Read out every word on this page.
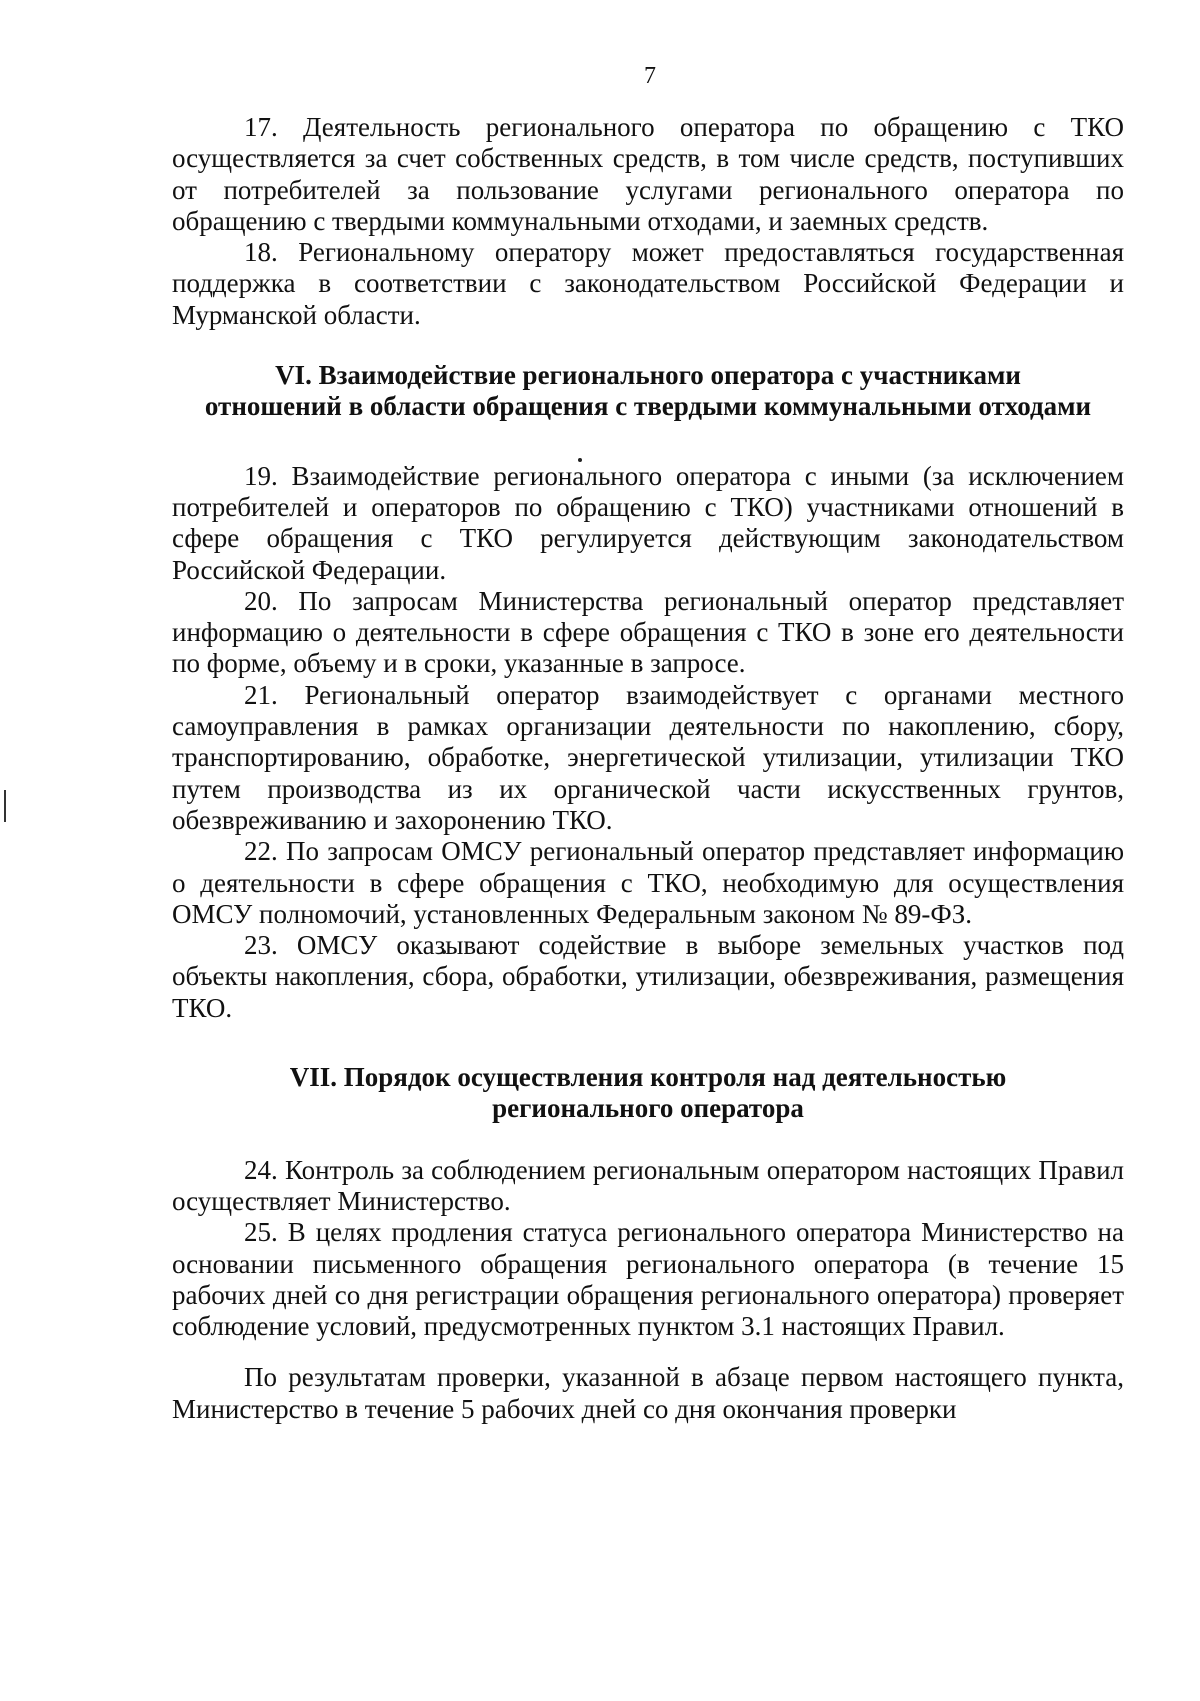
7

17. Деятельность регионального оператора по обращению с ТКО осуществляется за счет собственных средств, в том числе средств, поступивших от потребителей за пользование услугами регионального оператора по обращению с твердыми коммунальными отходами, и заемных средств.

18. Региональному оператору может предоставляться государственная поддержка в соответствии с законодательством Российской Федерации и Мурманской области.

VI. Взаимодействие регионального оператора с участниками
отношений в области обращения с твердыми коммунальными отходами

19. Взаимодействие регионального оператора с иными (за исключением потребителей и операторов по обращению с ТКО) участниками отношений в сфере обращения с ТКО регулируется действующим законодательством Российской Федерации.

20. По запросам Министерства региональный оператор представляет информацию о деятельности в сфере обращения с ТКО в зоне его деятельности по форме, объему и в сроки, указанные в запросе.

21. Региональный оператор взаимодействует с органами местного самоуправления в рамках организации деятельности по накоплению, сбору, транспортированию, обработке, энергетической утилизации, утилизации ТКО путем производства из их органической части искусственных грунтов, обезвреживанию и захоронению ТКО.

22. По запросам ОМСУ региональный оператор представляет информацию о деятельности в сфере обращения с ТКО, необходимую для осуществления ОМСУ полномочий, установленных Федеральным законом № 89-ФЗ.

23. ОМСУ оказывают содействие в выборе земельных участков под объекты накопления, сбора, обработки, утилизации, обезвреживания, размещения ТКО.

VII. Порядок осуществления контроля над деятельностью
регионального оператора

24. Контроль за соблюдением региональным оператором настоящих Правил осуществляет Министерство.

25. В целях продления статуса регионального оператора Министерство на основании письменного обращения регионального оператора (в течение 15 рабочих дней со дня регистрации обращения регионального оператора) проверяет соблюдение условий, предусмотренных пунктом 3.1 настоящих Правил.

По результатам проверки, указанной в абзаце первом настоящего пункта, Министерство в течение 5 рабочих дней со дня окончания проверки
